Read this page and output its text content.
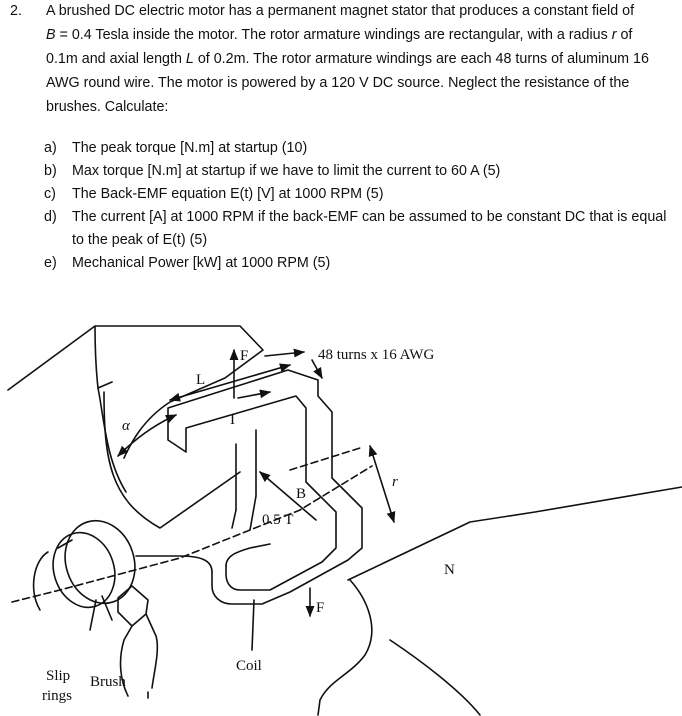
2. A brushed DC electric motor has a permanent magnet stator that produces a constant field of
B = 0.4 Tesla inside the motor. The rotor armature windings are rectangular, with a radius r of
0.1m and axial length L of 0.2m. The rotor armature windings are each 48 turns of aluminum 16
AWG round wire. The motor is powered by a 120 V DC source. Neglect the resistance of the
brushes. Calculate:
a) The peak torque [N.m] at startup (10)
b) Max torque [N.m] at startup if we have to limit the current to 60 A (5)
c) The Back-EMF equation E(t) [V] at 1000 RPM (5)
d) The current [A] at 1000 RPM if the back-EMF can be assumed to be constant DC that is equal
to the peak of E(t) (5)
e) Mechanical Power [kW] at 1000 RPM (5)
48 turns x 16 AWG
L
F
α	I
B
0.5 T
r
N
F
Coil
Slip
rings
Brush
